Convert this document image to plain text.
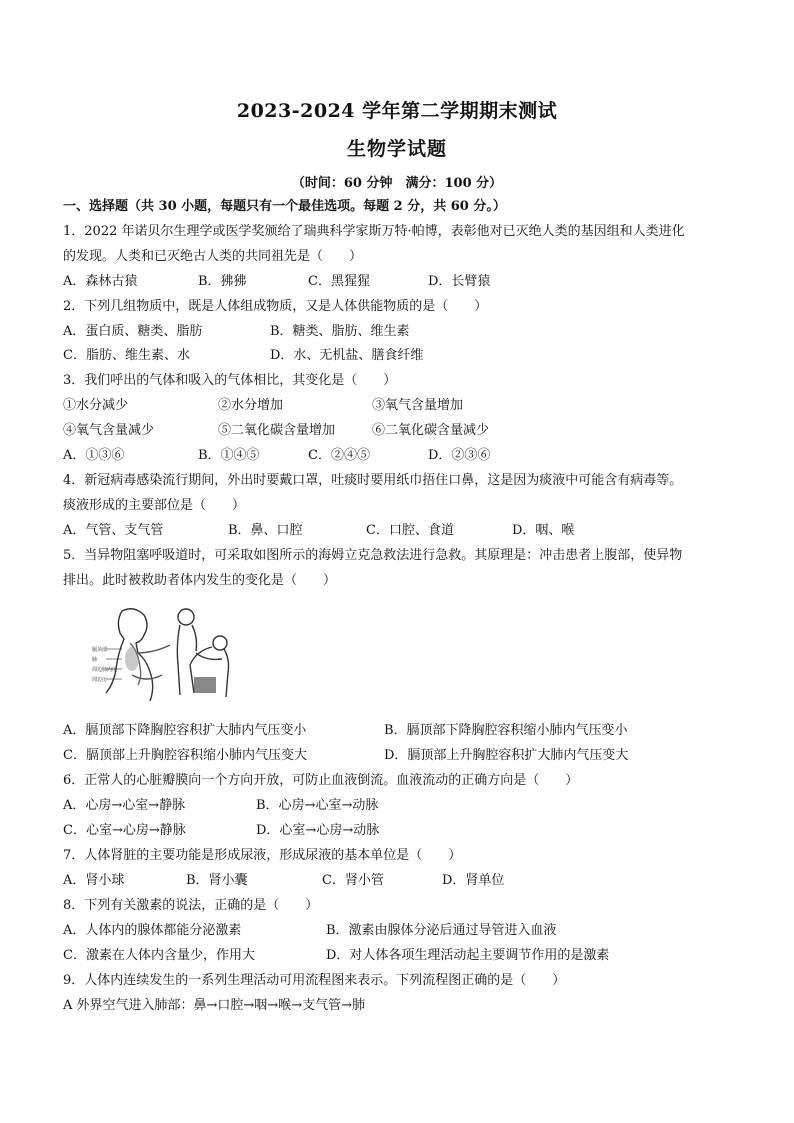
2023-2024 学年第二学期期末测试
生物学试题
（时间：60 分钟　满分：100 分）
一、选择题（共 30 小题，每题只有一个最佳选项。每题 2 分，共 60 分。）
1．2022 年诺贝尔生理学或医学奖颁给了瑞典科学家斯万特·帕博，表彰他对已灭绝人类的基因组和人类进化
的发现。人类和已灭绝古人类的共同祖先是（　　）
A．森林古猿	B．狒狒	C．黑猩猩	D．长臂猿
2．下列几组物质中，既是人体组成物质，又是人体供能物质的是（　　）
A．蛋白质、糖类、脂肪	B．糖类、脂肪、维生素
C．脂肪、维生素、水	D．水、无机盐、膳食纤维
3．我们呼出的气体和吸入的气体相比，其变化是（　　）
①水分减少	②水分增加	③氧气含量增加
④氧气含量减少	⑤二氧化碳含量增加	⑥二氧化碳含量减少
A．①③⑥	B．①④⑤	C．②④⑤	D．②③⑥
4．新冠病毒感染流行期间，外出时要戴口罩，吐痰时要用纸巾捂住口鼻，这是因为痰液中可能含有病毒等。
痰液形成的主要部位是（　　）
A．气管、支气管	B．鼻、口腔	C．口腔、食道	D．咽、喉
5．当异物阻塞呼吸道时，可采取如图所示的海姆立克急救法进行急救。其原理是：冲击患者上腹部，使异物
排出。此时被救助者体内发生的变化是（　　）
膈顶部
肺
周边肺内压
周边压
A．膈顶部下降胸腔容积扩大肺内气压变小	B．膈顶部下降胸腔容积缩小肺内气压变小
C．膈顶部上升胸腔容积缩小肺内气压变大	D．膈顶部上升胸腔容积扩大肺内气压变大
6．正常人的心脏瓣膜向一个方向开放，可防止血液倒流。血液流动的正确方向是（　　）
A．心房→心室→静脉	B．心房→心室→动脉
C．心室→心房→静脉	D．心室→心房→动脉
7．人体肾脏的主要功能是形成尿液，形成尿液的基本单位是（　　）
A．肾小球	B．肾小囊	C．肾小管	D．肾单位
8．下列有关激素的说法，正确的是（　　）
A．人体内的腺体都能分泌激素	B．激素由腺体分泌后通过导管进入血液
C．激素在人体内含量少，作用大	D．对人体各项生理活动起主要调节作用的是激素
9．人体内连续发生的一系列生理活动可用流程图来表示。下列流程图正确的是（　　）
A 外界空气进入肺部：鼻→口腔→咽→喉→支气管→肺
